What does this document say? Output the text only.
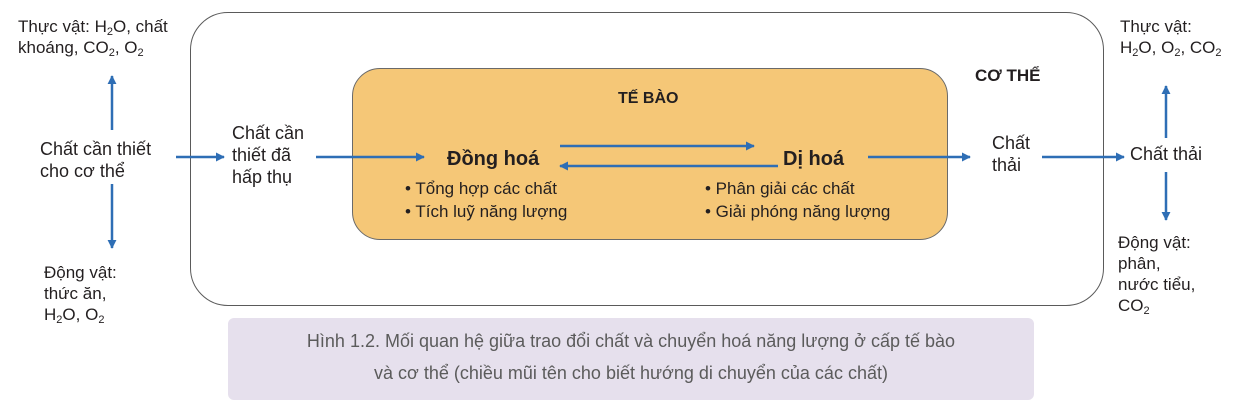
CƠ THỂ
TẾ BÀO
Thực vật: $H_2O$, chất
khoáng, $CO_2$, $O_2$
Chất cần thiết
cho cơ thể
Động vật:
thức ăn,
$H_2O$, $O_2$
Chất cần
thiết đã
hấp thụ
Đồng hoá
• Tổng hợp các chất
• Tích luỹ năng lượng
Dị hoá
• Phân giải các chất
• Giải phóng năng lượng
Chất
thải
Chất thải
Thực vật:
$H_2O$, $O_2$, $CO_2$
Động vật:
phân,
nước tiểu,
$CO_2$
Hình 1.2. Mối quan hệ giữa trao đổi chất và chuyển hoá năng lượng ở cấp tế bào
và cơ thể (chiều mũi tên cho biết hướng di chuyển của các chất)
